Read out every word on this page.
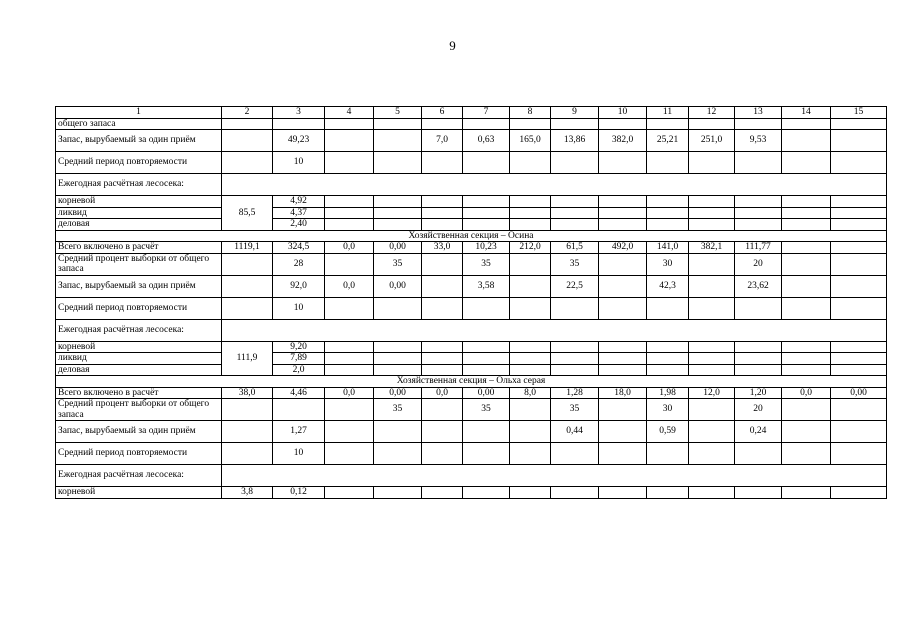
9
1	2	3	4	5	6	7	8	9	10	11	12	13	14	15	
общего запаса															
Запас, вырубаемый за один приём		49,23			7,0	0,63	165,0	13,86	382,0	25,21	251,0	9,53			
Средний период повторяемости		10													
Ежегодная расчётная лесосека:															
корневой	85,5	4,92													
ликвид		4,37													
деловая		2,40													
Хозяйственная секция – Осина															
Всего включено в расчёт	1119,1	324,5	0,0	0,00	33,0	10,23	212,0	61,5	492,0	141,0	382,1	111,77			
Средний процент выборки от общего запаса		28		35		35		35		30		20			
Запас, вырубаемый за один приём		92,0	0,0	0,00		3,58		22,5		42,3		23,62			
Средний период повторяемости		10													
Ежегодная расчётная лесосека:															
корневой	111,9	9,20													
ликвид		7,89													
деловая		2,0													
Хозяйственная секция – Ольха серая															
Всего включено в расчёт	38,0	4,46	0,0	0,00	0,0	0,00	8,0	1,28	18,0	1,98	12,0	1,20	0,0	0,00	
Средний процент выборки от общего запаса				35		35		35		30		20			
Запас, вырубаемый за один приём		1,27						0,44		0,59		0,24			
Средний период повторяемости		10													
Ежегодная расчётная лесосека:															
корневой	3,8	0,12													
